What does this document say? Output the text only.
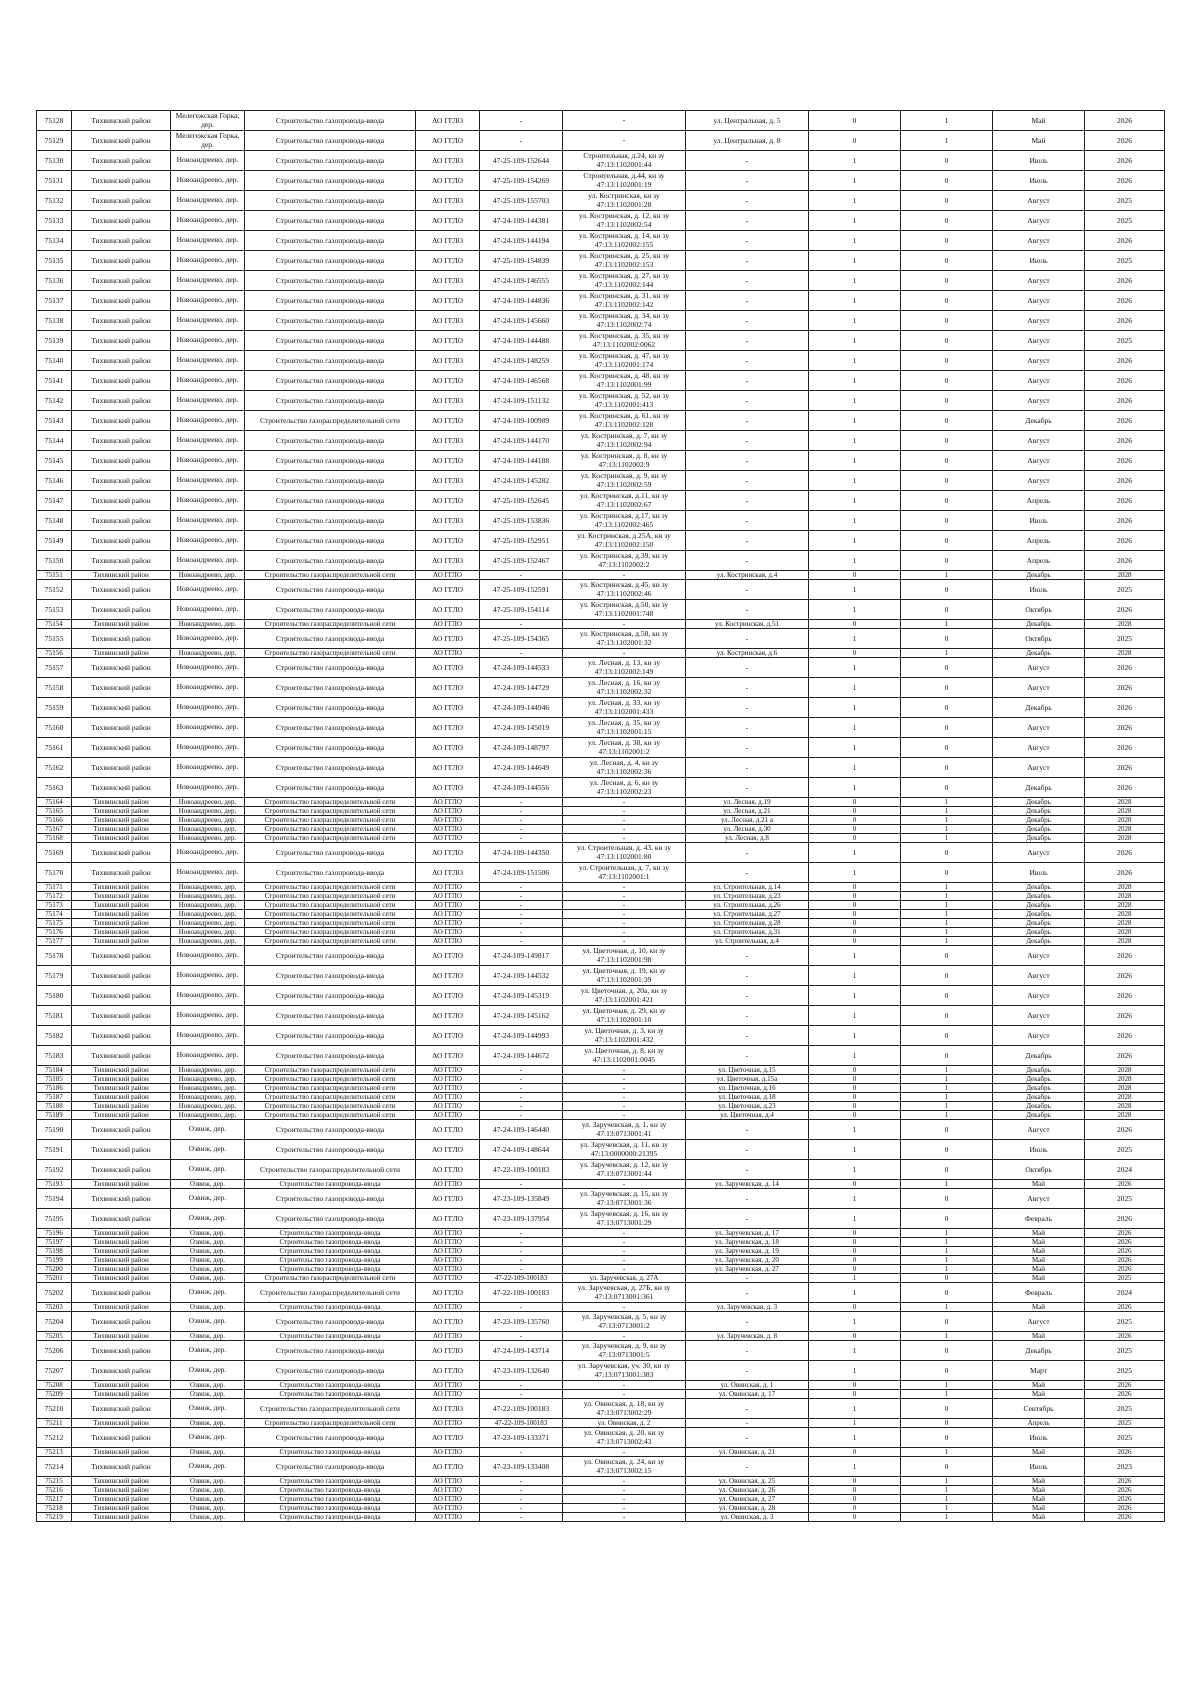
75128	Тихвинский район	Мелегежская Горка, дер.	Строительство газопровода-ввода	АО ГГЛО	-	-	ул. Центральная, д. 5	0	1	Май	2026
75129	Тихвинский район	Мелегежская Горка, дер.	Строительство газопровода-ввода	АО ГГЛО	-	-	ул. Центральная, д. 8	0	1	Май	2026
75130	Тихвинский район	Новоандреево, дер.	Строительство газопровода-ввода	АО ГГЛО	47-25-109-152644	Строительная, д.24, кн зу 47:13:1102001:44	-	1	0	Июль	2026
75131	Тихвинский район	Новоандреево, дер.	Строительство газопровода-ввода	АО ГГЛО	47-25-109-154269	Строительная, д.44, кн зу 47:13:1102001:19	-	1	0	Июль	2026
75132	Тихвинский район	Новоандреево, дер.	Строительство газопровода-ввода	АО ГГЛО	47-25-109-155703	ул. Костринская, кн зу 47:13:1102001:28	-	1	0	Август	2025
75133	Тихвинский район	Новоандреево, дер.	Строительство газопровода-ввода	АО ГГЛО	47-24-109-144381	ул. Костринская, д. 12, кн зу 47:13:1102002:54	-	1	0	Август	2025
75134	Тихвинский район	Новоандреево, дер.	Строительство газопровода-ввода	АО ГГЛО	47-24-109-144194	ул. Костринская, д. 14, кн зу 47:13:1102002:155	-	1	0	Август	2026
75135	Тихвинский район	Новоандреево, дер.	Строительство газопровода-ввода	АО ГГЛО	47-25-109-154839	ул. Костринская, д. 25, кн зу 47:13:1102002:153	-	1	0	Июль	2025
75136	Тихвинский район	Новоандреево, дер.	Строительство газопровода-ввода	АО ГГЛО	47-24-109-146555	ул. Костринская, д. 27, кн зу 47:13:1102002:144	-	1	0	Август	2026
75137	Тихвинский район	Новоандреево, дер.	Строительство газопровода-ввода	АО ГГЛО	47-24-109-144836	ул. Костринская, д. 31, кн зу 47:13:1102002:142	-	1	0	Август	2026
75138	Тихвинский район	Новоандреево, дер.	Строительство газопровода-ввода	АО ГГЛО	47-24-109-145660	ул. Костринская, д. 34, кн зу 47:13:1102002:74	-	1	0	Август	2026
75139	Тихвинский район	Новоандреево, дер.	Строительство газопровода-ввода	АО ГГЛО	47-24-109-144488	ул. Костринская, д. 35, кн зу 47:13:1102002:0062	-	1	0	Август	2025
75140	Тихвинский район	Новоандреево, дер.	Строительство газопровода-ввода	АО ГГЛО	47-24-109-148259	ул. Костринская, д. 47, кн зу 47:13:1102001:174	-	1	0	Август	2026
75141	Тихвинский район	Новоандреево, дер.	Строительство газопровода-ввода	АО ГГЛО	47-24-109-146568	ул. Костринская, д. 48, кн зу 47:13:1102001:99	-	1	0	Август	2026
75142	Тихвинский район	Новоандреево, дер.	Строительство газопровода-ввода	АО ГГЛО	47-24-109-151132	ул. Костринская, д. 52, кн зу 47:13:1102001:413	-	1	0	Август	2026
75143	Тихвинский район	Новоандреево, дер.	Строительство газораспределительной сети	АО ГГЛО	47-24-109-100989	ул. Костринская, д. 61, кн зу 47:13:1102002:128	-	1	0	Декабрь	2026
75144	Тихвинский район	Новоандреево, дер.	Строительство газопровода-ввода	АО ГГЛО	47-24-109-144170	ул. Костринская, д. 7, кн зу 47:13:1102002:94	-	1	0	Август	2026
75145	Тихвинский район	Новоандреево, дер.	Строительство газопровода-ввода	АО ГГЛО	47-24-109-144188	ул. Костринская, д. 8, кн зу 47:13:1102002:9	-	1	0	Август	2026
75146	Тихвинский район	Новоандреево, дер.	Строительство газопровода-ввода	АО ГГЛО	47-24-109-145282	ул. Костринская, д. 9, кн зу 47:13:1102002:59	-	1	0	Август	2026
75147	Тихвинский район	Новоандреево, дер.	Строительство газопровода-ввода	АО ГГЛО	47-25-109-152645	ул. Костринская, д.11, кн зу 47:13:1102002:67	-	1	0	Апрель	2026
75148	Тихвинский район	Новоандреево, дер.	Строительство газопровода-ввода	АО ГГЛО	47-25-109-153836	ул. Костринская, д.17, кн зу 47:13:1102002:465	-	1	0	Июль	2026
75149	Тихвинский район	Новоандреево, дер.	Строительство газопровода-ввода	АО ГГЛО	47-25-109-152951	ул. Костринская, д.25А, кн зу 47:13:1102002:150	-	1	0	Апрель	2026
75150	Тихвинский район	Новоандреево, дер.	Строительство газопровода-ввода	АО ГГЛО	47-25-109-152467	ул. Костринская, д.39, кн зу 47:13:1102002:2	-	1	0	Апрель	2026
75151	Тихвинский район	Новоандреево, дер.	Строительство газораспределительной сети	АО ГГЛО	-	-	ул. Костринская, д.4	0	1	Декабрь	2028
75152	Тихвинский район	Новоандреево, дер.	Строительство газопровода-ввода	АО ГГЛО	47-25-109-152591	ул. Костринская, д.45, кн зу 47:13:1102002:46	-	1	0	Июль	2025
75153	Тихвинский район	Новоандреево, дер.	Строительство газопровода-ввода	АО ГГЛО	47-25-109-154114	ул. Костринская, д.50, кн зу 47:13:1102001:748	-	1	0	Октябрь	2026
75154	Тихвинский район	Новоандреево, дер.	Строительство газораспределительной сети	АО ГГЛО	-	-	ул. Костринская, д.51	0	1	Декабрь	2028
75155	Тихвинский район	Новоандреево, дер.	Строительство газопровода-ввода	АО ГГЛО	47-25-109-154365	ул. Костринская, д.58, кн зу 47:13:1102001:32	-	1	0	Октябрь	2025
75156	Тихвинский район	Новоандреево, дер.	Строительство газораспределительной сети	АО ГГЛО	-	-	ул. Костринская, д.6	0	1	Декабрь	2028
75157	Тихвинский район	Новоандреево, дер.	Строительство газопровода-ввода	АО ГГЛО	47-24-109-144533	ул. Лесная, д. 13, кн зу 47:13:1102002:149	-	1	0	Август	2026
75158	Тихвинский район	Новоандреево, дер.	Строительство газопровода-ввода	АО ГГЛО	47-24-109-144729	ул. Лесная, д. 16, кн зу 47:13:1102002:32	-	1	0	Август	2026
75159	Тихвинский район	Новоандреево, дер.	Строительство газопровода-ввода	АО ГГЛО	47-24-109-144946	ул. Лесная, д. 33, кн зу 47:13:1102001:433	-	1	0	Декабрь	2026
75160	Тихвинский район	Новоандреево, дер.	Строительство газопровода-ввода	АО ГГЛО	47-24-109-145019	ул. Лесная, д. 35, кн зу 47:13:1102001:15	-	1	0	Август	2026
75161	Тихвинский район	Новоандреево, дер.	Строительство газопровода-ввода	АО ГГЛО	47-24-109-148797	ул. Лесная, д. 38, кн зу 47:13:1102001:2	-	1	0	Август	2026
75162	Тихвинский район	Новоандреево, дер.	Строительство газопровода-ввода	АО ГГЛО	47-24-109-144649	ул. Лесная, д. 4, кн зу 47:13:1102002:36	-	1	0	Август	2026
75163	Тихвинский район	Новоандреево, дер.	Строительство газопровода-ввода	АО ГГЛО	47-24-109-144556	ул. Лесная, д. 6, кн зу 47:13:1102002:23	-	1	0	Декабрь	2026
75164	Тихвинский район	Новоандреево, дер.	Строительство газораспределительной сети	АО ГГЛО	-	-	ул. Лесная, д.19	0	1	Декабрь	2028
75165	Тихвинский район	Новоандреево, дер.	Строительство газораспределительной сети	АО ГГЛО	-	-	ул. Лесная, д.21	0	1	Декабрь	2028
75166	Тихвинский район	Новоандреево, дер.	Строительство газораспределительной сети	АО ГГЛО	-	-	ул. Лесная, д.21 а	0	1	Декабрь	2028
75167	Тихвинский район	Новоандреево, дер.	Строительство газораспределительной сети	АО ГГЛО	-	-	ул. Лесная, д.30	0	1	Декабрь	2028
75168	Тихвинский район	Новоандреево, дер.	Строительство газораспределительной сети	АО ГГЛО	-	-	ул. Лесная, д.8	0	1	Декабрь	2028
75169	Тихвинский район	Новоандреево, дер.	Строительство газопровода-ввода	АО ГГЛО	47-24-109-144350	ул. Строительная, д. 43, кн зу 47:13:1102001:80	-	1	0	Август	2026
75170	Тихвинский район	Новоандреево, дер.	Строительство газопровода-ввода	АО ГГЛО	47-24-109-151506	ул. Строительная, д. 7, кн зу 47:13:1102001:1	-	1	0	Июль	2026
75171	Тихвинский район	Новоандреево, дер.	Строительство газораспределительной сети	АО ГГЛО	-	-	ул. Строительная, д.14	0	1	Декабрь	2028
75172	Тихвинский район	Новоандреево, дер.	Строительство газораспределительной сети	АО ГГЛО	-	-	ул. Строительная, д.23	0	1	Декабрь	2028
75173	Тихвинский район	Новоандреево, дер.	Строительство газораспределительной сети	АО ГГЛО	-	-	ул. Строительная, д.26	0	1	Декабрь	2028
75174	Тихвинский район	Новоандреево, дер.	Строительство газораспределительной сети	АО ГГЛО	-	-	ул. Строительная, д.27	0	1	Декабрь	2028
75175	Тихвинский район	Новоандреево, дер.	Строительство газораспределительной сети	АО ГГЛО	-	-	ул. Строительная, д.28	0	1	Декабрь	2028
75176	Тихвинский район	Новоандреево, дер.	Строительство газораспределительной сети	АО ГГЛО	-	-	ул. Строительная, д.31	0	1	Декабрь	2028
75177	Тихвинский район	Новоандреево, дер.	Строительство газораспределительной сети	АО ГГЛО	-	-	ул. Строительная, д.4	0	1	Декабрь	2028
75178	Тихвинский район	Новоандреево, дер.	Строительство газопровода-ввода	АО ГГЛО	47-24-109-149817	ул. Цветочная, д. 10, кн зу 47:13:1102001:98	-	1	0	Август	2026
75179	Тихвинский район	Новоандреево, дер.	Строительство газопровода-ввода	АО ГГЛО	47-24-109-144532	ул. Цветочная, д. 19, кн зу 47:13:1102001:39	-	1	0	Август	2026
75180	Тихвинский район	Новоандреево, дер.	Строительство газопровода-ввода	АО ГГЛО	47-24-109-145319	ул. Цветочная, д. 20а, кн зу 47:13:1102001:421	-	1	0	Август	2026
75181	Тихвинский район	Новоандреево, дер.	Строительство газопровода-ввода	АО ГГЛО	47-24-109-145162	ул. Цветочная, д. 29, кн зу 47:13:1102001:10	-	1	0	Август	2026
75182	Тихвинский район	Новоандреево, дер.	Строительство газопровода-ввода	АО ГГЛО	47-24-109-144993	ул. Цветочная, д. 3, кн зу 47:13:1102001:432	-	1	0	Август	2026
75183	Тихвинский район	Новоандреево, дер.	Строительство газопровода-ввода	АО ГГЛО	47-24-109-144672	ул. Цветочная, д. 8, кн зу 47:13:1102001:0045	-	1	0	Декабрь	2026
75184	Тихвинский район	Новоандреево, дер.	Строительство газораспределительной сети	АО ГГЛО	-	-	ул. Цветочная, д.15	0	1	Декабрь	2028
75185	Тихвинский район	Новоандреево, дер.	Строительство газораспределительной сети	АО ГГЛО	-	-	ул. Цветочная, д.15а	0	1	Декабрь	2028
75186	Тихвинский район	Новоандреево, дер.	Строительство газораспределительной сети	АО ГГЛО	-	-	ул. Цветочная, д.16	0	1	Декабрь	2028
75187	Тихвинский район	Новоандреево, дер.	Строительство газораспределительной сети	АО ГГЛО	-	-	ул. Цветочная, д.18	0	1	Декабрь	2028
75188	Тихвинский район	Новоандреево, дер.	Строительство газораспределительной сети	АО ГГЛО	-	-	ул. Цветочная, д.23	0	1	Декабрь	2028
75189	Тихвинский район	Новоандреево, дер.	Строительство газораспределительной сети	АО ГГЛО	-	-	ул. Цветочная, д.4	0	1	Декабрь	2028
75190	Тихвинский район	Озвиж, дер.	Строительство газопровода-ввода	АО ГГЛО	47-24-109-146440	ул. Заручевская, д. 1, кн зу 47:13:0713001:41	-	1	0	Август	2026
75191	Тихвинский район	Озвиж, дер.	Строительство газопровода-ввода	АО ГГЛО	47-24-109-148644	ул. Заручевская, д. 11, кн зу 47:13:0000000:21395	-	1	0	Июль	2025
75192	Тихвинский район	Озвиж, дер.	Строительство газораспределительной сети	АО ГГЛО	47-22-109-100183	ул. Заручевская, д. 12, кн зу 47:13:0713001:44	-	1	0	Октябрь	2024
75193	Тихвинский район	Озвиж, дер.	Строительство газопровода-ввода	АО ГГЛО	-	-	ул. Заручевская, д. 14	0	1	Май	2026
75194	Тихвинский район	Озвиж, дер.	Строительство газопровода-ввода	АО ГГЛО	47-23-109-135849	ул. Заручевская, д. 15, кн зу 47:13:0713001:36	-	1	0	Август	2025
75195	Тихвинский район	Озвиж, дер.	Строительство газопровода-ввода	АО ГГЛО	47-23-109-137954	ул. Заручевская, д. 16, кн зу 47:13:0713001:29	-	1	0	Февраль	2026
75196	Тихвинский район	Озвиж, дер.	Строительство газопровода-ввода	АО ГГЛО	-	-	ул. Заручевская, д. 17	0	1	Май	2026
75197	Тихвинский район	Озвиж, дер.	Строительство газопровода-ввода	АО ГГЛО	-	-	ул. Заручевская, д. 18	0	1	Май	2026
75198	Тихвинский район	Озвиж, дер.	Строительство газопровода-ввода	АО ГГЛО	-	-	ул. Заручевская, д. 19	0	1	Май	2026
75199	Тихвинский район	Озвиж, дер.	Строительство газопровода-ввода	АО ГГЛО	-	-	ул. Заручевская, д. 20	0	1	Май	2026
75200	Тихвинский район	Озвиж, дер.	Строительство газопровода-ввода	АО ГГЛО	-	-	ул. Заручевская, д. 27	0	1	Май	2026
75201	Тихвинский район	Озвиж, дер.	Строительство газораспределительной сети	АО ГГЛО	47-22-109-100183	ул. Заручевская, д. 27А	-	1	0	Май	2025
75202	Тихвинский район	Озвиж, дер.	Строительство газораспределительной сети	АО ГГЛО	47-22-109-100183	ул. Заручевская, д. 27Б, кн зу 47:13:0713001:361	-	1	0	Февраль	2024
75203	Тихвинский район	Озвиж, дер.	Строительство газопровода-ввода	АО ГГЛО	-	-	ул. Заручевская, д. 3	0	1	Май	2026
75204	Тихвинский район	Озвиж, дер.	Строительство газопровода-ввода	АО ГГЛО	47-23-109-135760	ул. Заручевская, д. 5, кн зу 47:13:0713001:2	-	1	0	Август	2025
75205	Тихвинский район	Озвиж, дер.	Строительство газопровода-ввода	АО ГГЛО	-	-	ул. Заручевская, д. 8	0	1	Май	2026
75206	Тихвинский район	Озвиж, дер.	Строительство газопровода-ввода	АО ГГЛО	47-24-109-143714	ул. Заручевская, д. 9, кн зу 47:13:0713001:5	-	1	0	Декабрь	2025
75207	Тихвинский район	Озвиж, дер.	Строительство газопровода-ввода	АО ГГЛО	47-23-109-132640	ул. Заручевская, уч. 30, кн зу 47:13:0713001:383	-	1	0	Март	2025
75208	Тихвинский район	Озвиж, дер.	Строительство газопровода-ввода	АО ГГЛО	-	-	ул. Овинская, д. 1	0	1	Май	2026
75209	Тихвинский район	Озвиж, дер.	Строительство газопровода-ввода	АО ГГЛО	-	-	ул. Овинская, д. 17	0	1	Май	2026
75210	Тихвинский район	Озвиж, дер.	Строительство газораспределительной сети	АО ГГЛО	47-22-109-100183	ул. Овинская, д. 18, кн зу 47:13:0713002:29	-	1	0	Сентябрь	2025
75211	Тихвинский район	Озвиж, дер.	Строительство газораспределительной сети	АО ГГЛО	47-22-109-100183	ул. Овинская, д. 2	-	1	0	Апрель	2025
75212	Тихвинский район	Озвиж, дер.	Строительство газопровода-ввода	АО ГГЛО	47-23-109-133371	ул. Овинская, д. 20, кн зу 47:13:0713002:43	-	1	0	Июль	2025
75213	Тихвинский район	Озвиж, дер.	Строительство газопровода-ввода	АО ГГЛО	-	-	ул. Овинская, д. 21	0	1	Май	2026
75214	Тихвинский район	Озвиж, дер.	Строительство газопровода-ввода	АО ГГЛО	47-23-109-133408	ул. Овинская, д. 24, кн зу 47:13:0713002:15	-	1	0	Июль	2023
75215	Тихвинский район	Озвиж, дер.	Строительство газопровода-ввода	АО ГГЛО	-	-	ул. Овинская, д. 25	0	1	Май	2026
75216	Тихвинский район	Озвиж, дер.	Строительство газопровода-ввода	АО ГГЛО	-	-	ул. Овинская, д. 26	0	1	Май	2026
75217	Тихвинский район	Озвиж, дер.	Строительство газопровода-ввода	АО ГГЛО	-	-	ул. Овинская, д. 27	0	1	Май	2026
75218	Тихвинский район	Озвиж, дер.	Строительство газопровода-ввода	АО ГГЛО	-	-	ул. Овинская, д. 28	0	1	Май	2026
75219	Тихвинский район	Озвиж, дер.	Строительство газопровода-ввода	АО ГГЛО	-	-	ул. Овинская, д. 3	0	1	Май	2026
